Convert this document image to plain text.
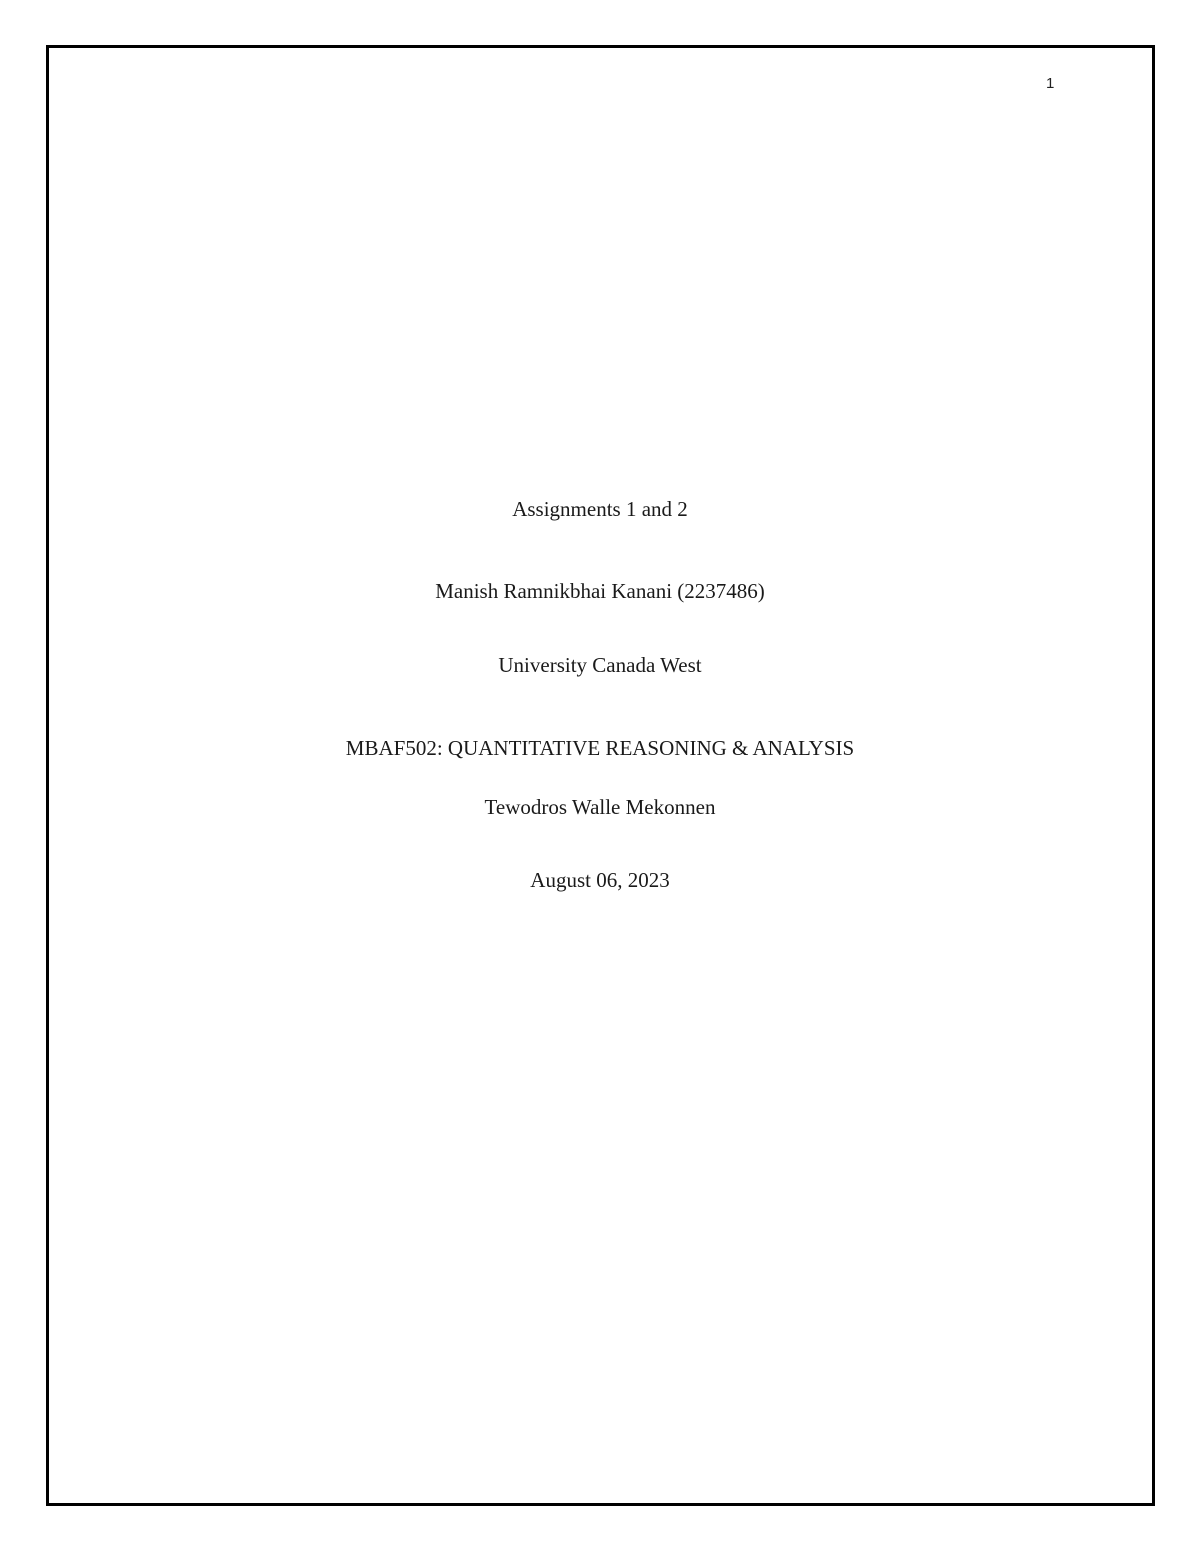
1
Assignments 1 and 2
Manish Ramnikbhai Kanani (2237486)
University Canada West
MBAF502: QUANTITATIVE REASONING & ANALYSIS
Tewodros Walle Mekonnen
August 06, 2023
